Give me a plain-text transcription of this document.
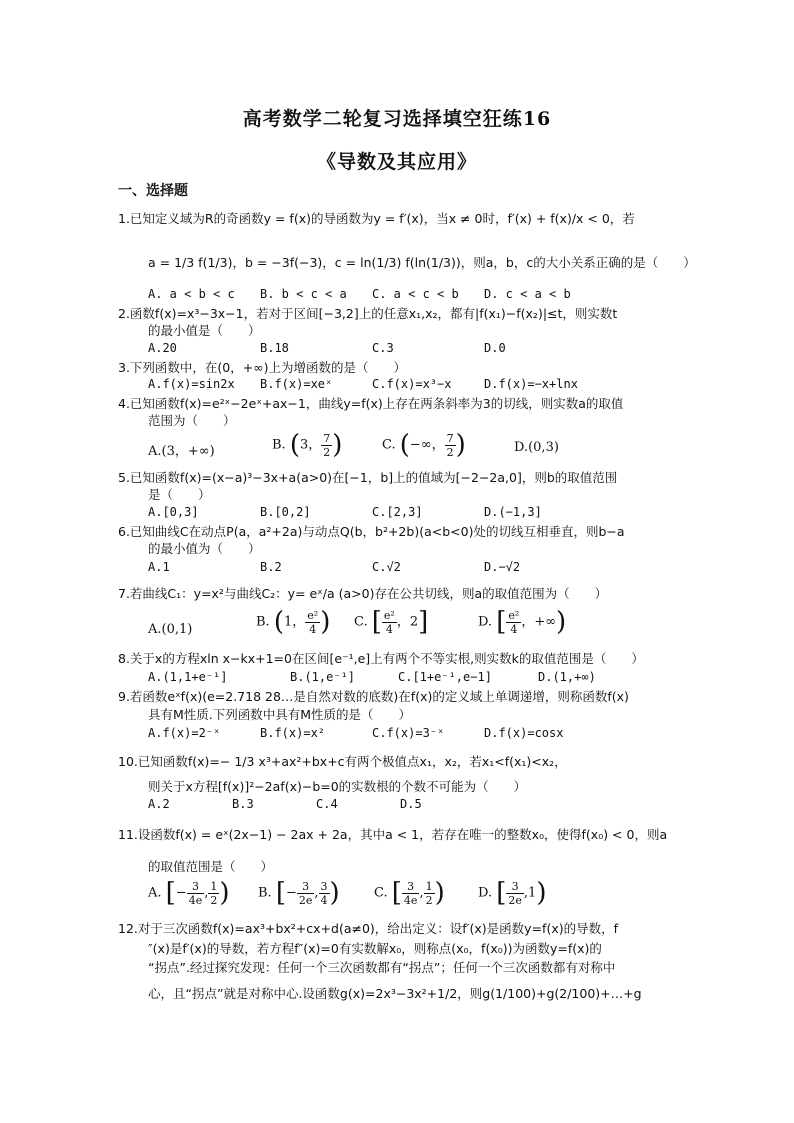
高考数学二轮复习选择填空狂练16
《导数及其应用》
一、选择题
1.已知定义域为R的奇函数y = f(x)的导函数为y = f′(x)，当x ≠ 0时，f′(x) + f(x)/x < 0，若
a = 1/3 f(1/3)，b = −3f(−3)，c = ln(1/3) f(ln(1/3))，则a，b，c的大小关系正确的是（　　）
A. a < b < c B. b < c < a C. a < c < b D. c < a < b
2.函数f(x)=x³−3x−1，若对于区间[−3,2]上的任意x₁,x₂，都有|f(x₁)−f(x₂)|≤t，则实数t
的最小值是（　　）
A.20	B.18	C.3	D.0
3.下列函数中，在(0，+∞)上为增函数的是（　　）
A.f(x)=sin2x B.f(x)=xeˣ	C.f(x)=x³−x	D.f(x)=−x+lnx
4.已知函数f(x)=e²ˣ−2eˣ+ax−1，曲线y=f(x)上存在两条斜率为3的切线，则实数a的取值
范围为（　　）
A.(3，+∞)	B. (3， $\frac{7}{2}$ )	C. (−∞， $\frac{7}{2}$ )	D.(0,3)
5.已知函数f(x)=(x−a)³−3x+a(a>0)在[−1，b]上的值域为[−2−2a,0]，则b的取值范围
是（　　）
A.[0,3]	B.[0,2]	C.[2,3]	D.(−1,3]
6.已知曲线C在动点P(a，a²+2a)与动点Q(b，b²+2b)(a<b<0)处的切线互相垂直，则b−a
的最小值为（　　）
A.1	B.2	C.√2	D.−√2
7.若曲线C₁：y=x²与曲线C₂：y= eˣ/a (a>0)存在公共切线，则a的取值范围为（　　）
A.(0,1)	B. (1， $\frac{\text{e²}}{4}$ ) C. [ $\frac{\text{e²}}{4}$ ，2]	D. [ $\frac{\text{e²}}{4}$ ，+∞)
8.关于x的方程xln x−kx+1=0在区间[e⁻¹,e]上有两个不等实根,则实数k的取值范围是（　　）
A.(1,1+e⁻¹]	B.(1,e⁻¹]	C.[1+e⁻¹,e−1]	D.(1,+∞)
9.若函数eˣf(x)(e=2.718 28…是自然对数的底数)在f(x)的定义域上单调递增，则称函数f(x)
具有M性质.下列函数中具有M性质的是（　　）
A.f(x)=2⁻ˣ	B.f(x)=x²	C.f(x)=3⁻ˣ	D.f(x)=cosx
10.已知函数f(x)=− 1/3 x³+ax²+bx+c有两个极值点x₁，x₂，若x₁<f(x₁)<x₂，
则关于x方程[f(x)]²−2af(x)−b=0的实数根的个数不可能为（　　）
A.2	B.3	C.4	D.5
11.设函数f(x) = eˣ(2x−1) − 2ax + 2a，其中a < 1，若存在唯一的整数x₀，使得f(x₀) < 0，则a
的取值范围是（　　）
A. [− $\frac{3}{4e}$ , $\frac{1}{2}$ ) B. [− $\frac{3}{2e}$ , $\frac{3}{4}$ )	C. [ $\frac{3}{4e}$ , $\frac{1}{2}$ )	D. [ $\frac{3}{2e} ,1$)
12.对于三次函数f(x)=ax³+bx²+cx+d(a≠0)，给出定义：设f′(x)是函数y=f(x)的导数，f
″(x)是f′(x)的导数，若方程f″(x)=0有实数解x₀，则称点(x₀，f(x₀))为函数y=f(x)的
“拐点”.经过探究发现：任何一个三次函数都有“拐点”；任何一个三次函数都有对称中
心，且“拐点”就是对称中心.设函数g(x)=2x³−3x²+1/2，则g(1/100)+g(2/100)+…+g
